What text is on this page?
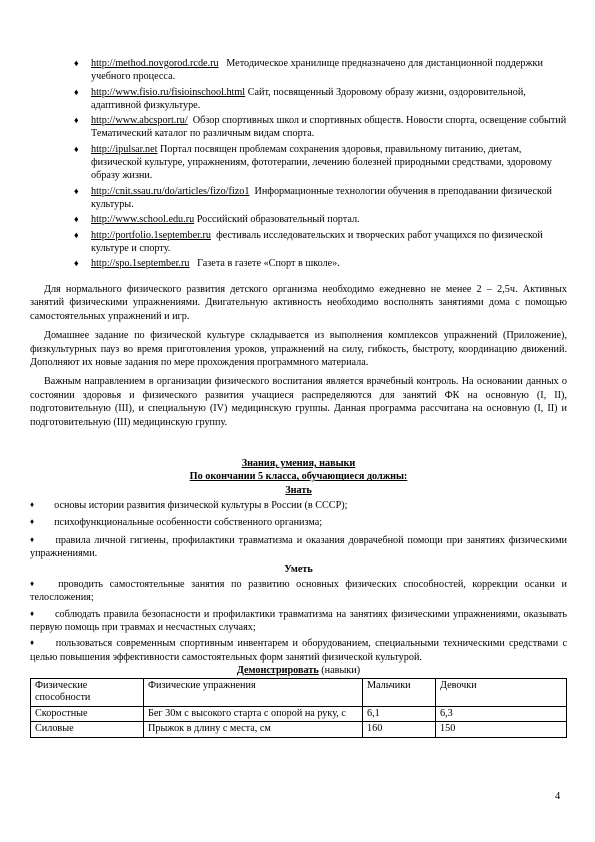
♦ http://method.novgorod.rcde.ru Методическое хранилище предназначено для дистанционной поддержки учебного процесса.
♦ http://www.fisio.ru/fisioinschool.html Сайт, посвященный Здоровому образу жизни, оздоровительной, адаптивной физкультуре.
♦ http://www.abcsport.ru/ Обзор спортивных школ и спортивных обществ. Новости спорта, освещение событий Тематический каталог по различным видам спорта.
♦ http://ipulsar.net Портал посвящен проблемам сохранения здоровья, правильному питанию, диетам, физической культуре, упражнениям, фототерапии, лечению болезней природными средствами, здоровому образу жизни.
♦ http://cnit.ssau.ru/do/articles/fizo/fizo1 Информационные технологии обучения в преподавании физической культуры.
♦ http://www.school.edu.ru Российский образовательный портал.
♦ http://portfolio.1september.ru фестиваль исследовательских и творческих работ учащихся по физической культуре и спорту.
♦ http://spo.1september.ru Газета в газете «Спорт в школе».

Для нормального физического развития детского организма необходимо ежедневно не менее 2 – 2,5ч. Активных занятий физическими упражнениями. Двигательную активность необходимо восполнять занятиями дома с помощью самостоятельных упражнений и игр.

Домашнее задание по физической культуре складывается из выполнения комплексов упражнений (Приложение), физкультурных пауз во время приготовления уроков, упражнений на силу, гибкость, быстроту, координацию движений. Дополняют их новые задания по мере прохождения программного материала.

Важным направлением в организации физического воспитания является врачебный контроль. На основании данных о состоянии здоровья и физического развития учащиеся распределяются для занятий ФК на основную (I, II), подготовительную (III), и специальную (IV) медицинскую группы. Данная программа рассчитана на основную (I, II) и подготовительную (III) медицинскую группу.

Знания, умения, навыки

По окончании 5 класса, обучающиеся должны:

Знать

♦ основы истории развития физической культуры в России (в СССР);

♦ психофункциональные особенности собственного организма;

♦ правила личной гигиены, профилактики травматизма и оказания доврачебной помощи при занятиях физическими упражнениями.

Уметь

♦ проводить самостоятельные занятия по развитию основных физических способностей, коррекции осанки и телосложения;

♦ соблюдать правила безопасности и профилактики травматизма на занятиях физическими упражнениями, оказывать первую помощь при травмах и несчастных случаях;

♦ пользоваться современным спортивным инвентарем и оборудованием, специальными техническими средствами с целью повышения эффективности самостоятельных форм занятий физической культурой.

Демонстрировать (навыки)

Физические способности	Физические упражнения	Мальчики	Девочки
Скоростные	Бег 30м с высокого старта с опорой на руку, с	6,1	6,3
Силовые	Прыжок в длину с места, см	160	150
4
